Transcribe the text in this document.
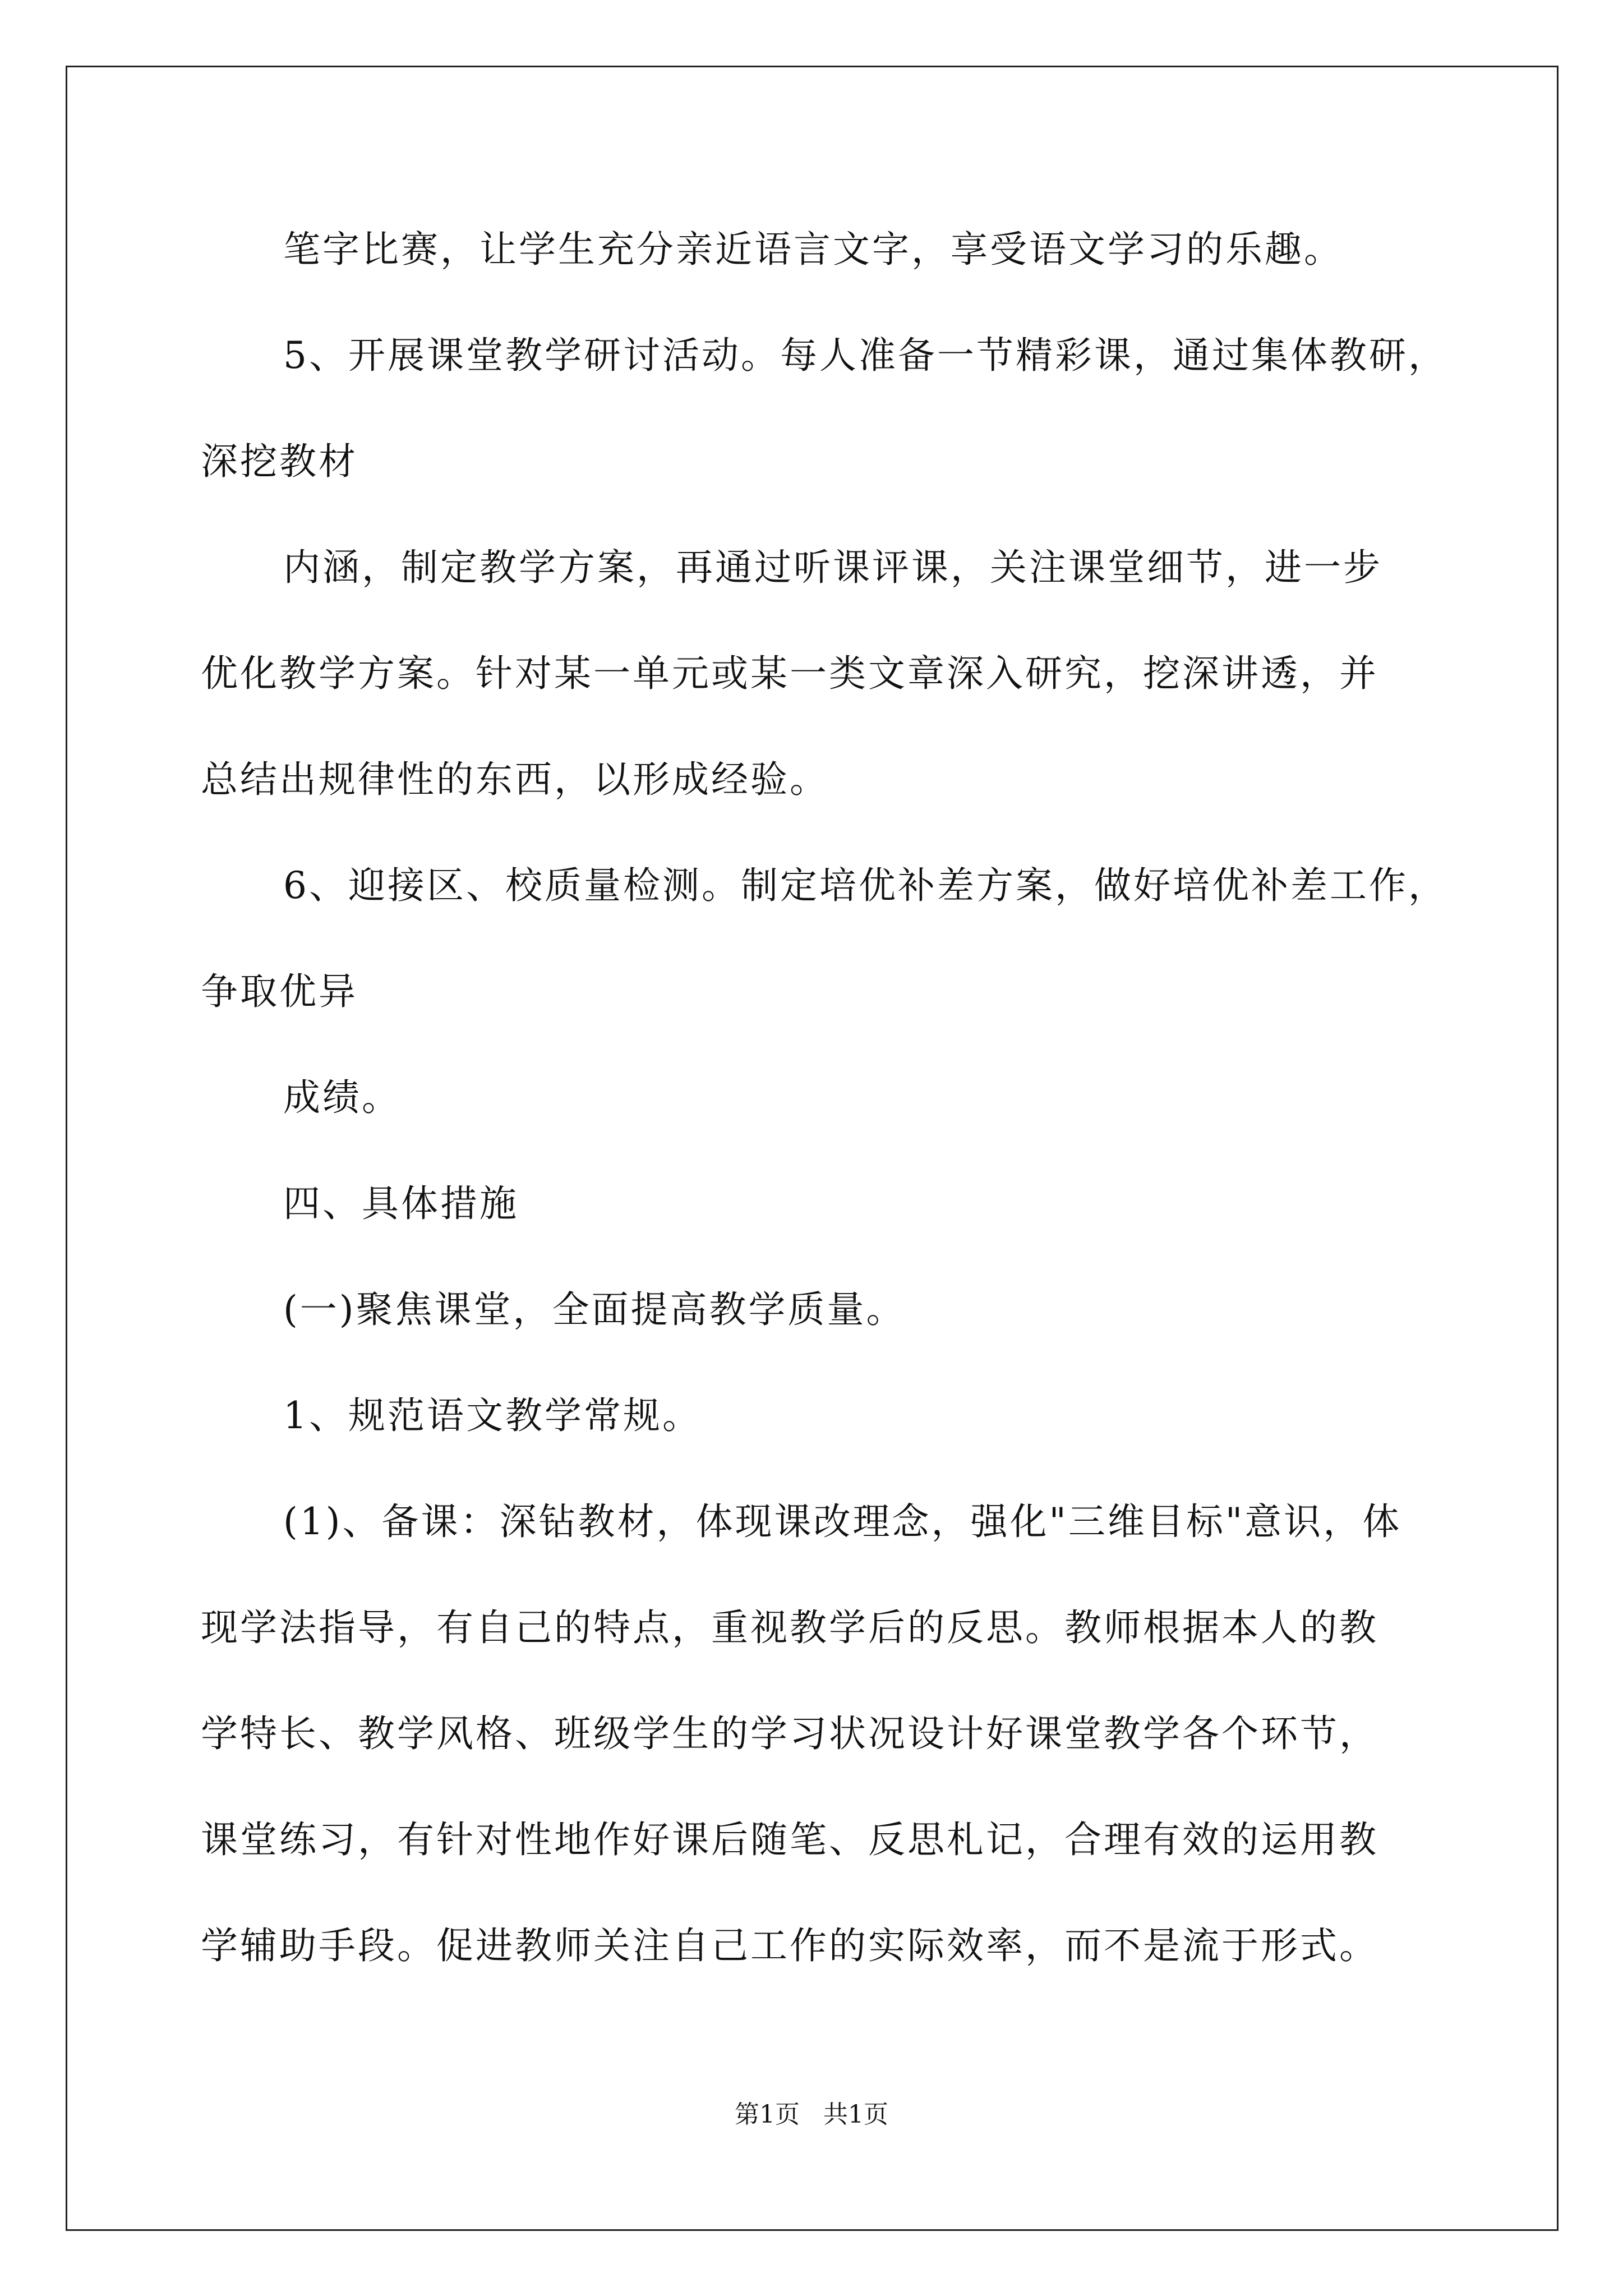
笔字比赛，让学生充分亲近语言文字，享受语文学习的乐趣。
5、开展课堂教学研讨活动。每人准备一节精彩课，通过集体教研，
深挖教材
内涵，制定教学方案，再通过听课评课，关注课堂细节，进一步
优化教学方案。针对某一单元或某一类文章深入研究，挖深讲透，并
总结出规律性的东西，以形成经验。
6、迎接区、校质量检测。制定培优补差方案，做好培优补差工作，
争取优异
成绩。
四、具体措施
(一)聚焦课堂，全面提高教学质量。
1、规范语文教学常规。
(1)、备课：深钻教材，体现课改理念，强化"三维目标"意识，体
现学法指导，有自己的特点，重视教学后的反思。教师根据本人的教
学特长、教学风格、班级学生的学习状况设计好课堂教学各个环节，
课堂练习，有针对性地作好课后随笔、反思札记，合理有效的运用教
学辅助手段。促进教师关注自己工作的实际效率，而不是流于形式。
第1页   共1页
